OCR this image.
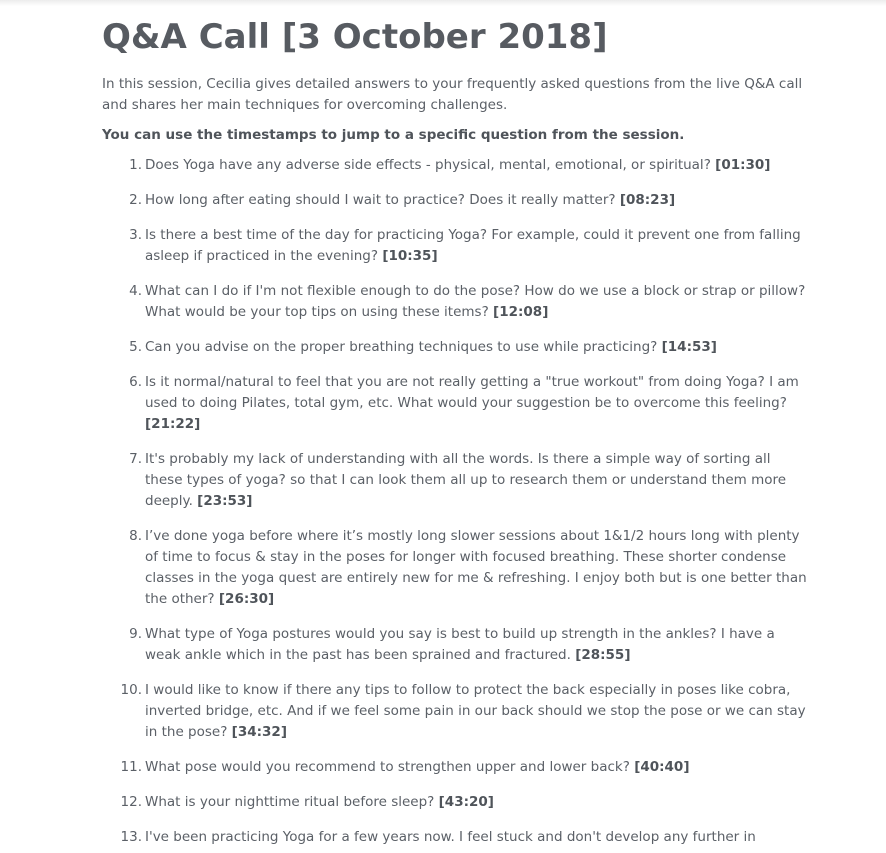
Q&A Call [3 October 2018]

In this session, Cecilia gives detailed answers to your frequently asked questions from the live Q&A call and shares her main techniques for overcoming challenges.

You can use the timestamps to jump to a specific question from the session.

1. Does Yoga have any adverse side effects - physical, mental, emotional, or spiritual? [01:30]
2. How long after eating should I wait to practice? Does it really matter? [08:23]
3. Is there a best time of the day for practicing Yoga? For example, could it prevent one from falling asleep if practiced in the evening? [10:35]
4. What can I do if I'm not flexible enough to do the pose? How do we use a block or strap or pillow? What would be your top tips on using these items? [12:08]
5. Can you advise on the proper breathing techniques to use while practicing? [14:53]
6. Is it normal/natural to feel that you are not really getting a "true workout" from doing Yoga? I am used to doing Pilates, total gym, etc. What would your suggestion be to overcome this feeling? [21:22]
7. It's probably my lack of understanding with all the words. Is there a simple way of sorting all these types of yoga? so that I can look them all up to research them or understand them more deeply. [23:53]
8. I’ve done yoga before where it’s mostly long slower sessions about 1&1/2 hours long with plenty of time to focus & stay in the poses for longer with focused breathing. These shorter condense classes in the yoga quest are entirely new for me & refreshing. I enjoy both but is one better than the other? [26:30]
9. What type of Yoga postures would you say is best to build up strength in the ankles? I have a weak ankle which in the past has been sprained and fractured. [28:55]
10. I would like to know if there any tips to follow to protect the back especially in poses like cobra, inverted bridge, etc. And if we feel some pain in our back should we stop the pose or we can stay in the pose? [34:32]
11. What pose would you recommend to strengthen upper and lower back? [40:40]
12. What is your nighttime ritual before sleep? [43:20]
13. I've been practicing Yoga for a few years now. I feel stuck and don't develop any further in
